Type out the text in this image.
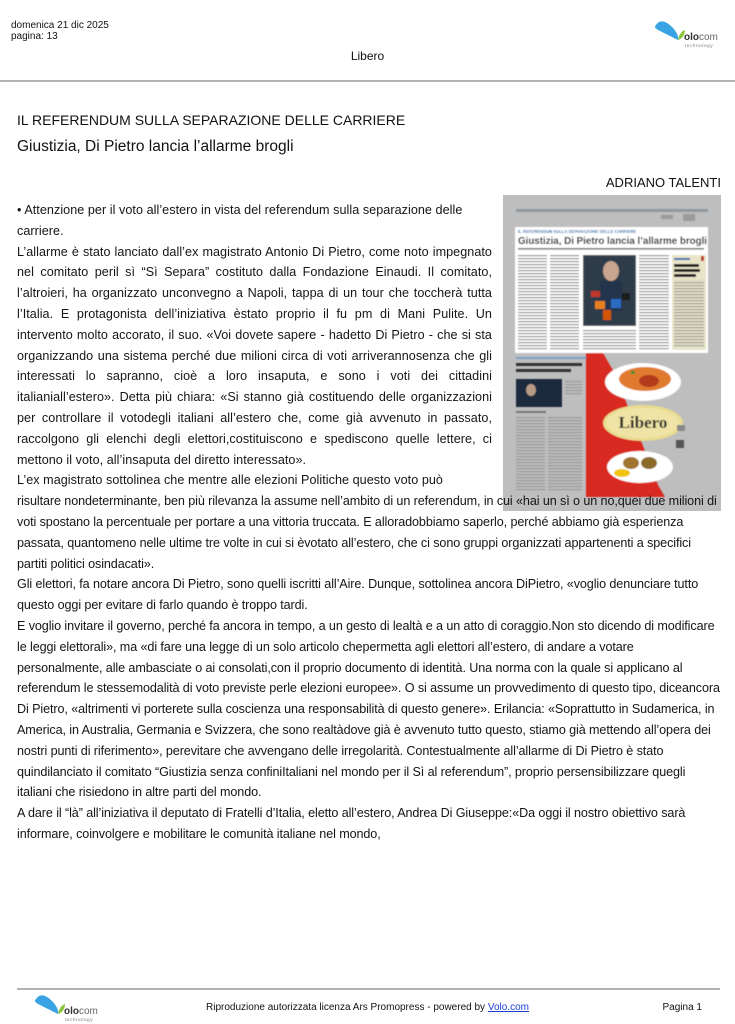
domenica 21 dic 2025
pagina: 13	olocom
technology
Libero
IL REFERENDUM SULLA SEPARAZIONE DELLE CARRIERE
Giustizia, Di Pietro lancia l’allarme brogli
ADRIANO TALENTI
IL REFERENDUM SULLA SEPARAZIONE DELLE CARRIERE
Giustizia, Di Pietro lancia l’allarme brogli
Libero

• Attenzione per il voto all’estero in vista del referendum sulla separazione delle carriere.

L’allarme è stato lanciato dall’ex magistrato Antonio Di Pietro, come noto impegnato nel comitato peril sì “Sì Separa” costituto dalla Fondazione Einaudi. Il comitato, l’altroieri, ha organizzato unconvegno a Napoli, tappa di un tour che toccherà tutta l’Italia. E protagonista dell’iniziativa èstato proprio il fu pm di Mani Pulite. Un intervento molto accorato, il suo. «Voi dovete sapere - hadetto Di Pietro - che si sta organizzando una sistema perché due milioni circa di voti arriverannosenza che gli interessati lo sapranno, cioè a loro insaputa, e sono i voti dei cittadini italianiall’estero». Detta più chiara: «Si stanno già costituendo delle organizzazioni per controllare il votodegli italiani all’estero che, come già avvenuto in passato, raccolgono gli elenchi degli elettori,costituiscono e spediscono quelle lettere, ci mettono il voto, all’insaputa del diretto interessato».

L’ex magistrato sottolinea che mentre alle elezioni Politiche questo voto può

risultare nondeterminante, ben più rilevanza la assume nell’ambito di un referendum, in cui «hai un sì o un no,quei due milioni di voti spostano la percentuale per portare a una vittoria truccata. E alloradobbiamo saperlo, perché abbiamo già esperienza passata, quantomeno nelle ultime tre volte in cui si èvotato all’estero, che ci sono gruppi organizzati appartenenti a specifici partiti politici osindacati».

Gli elettori, fa notare ancora Di Pietro, sono quelli iscritti all’Aire. Dunque, sottolinea ancora DiPietro, «voglio denunciare tutto questo oggi per evitare di farlo quando è troppo tardi.

E voglio invitare il governo, perché fa ancora in tempo, a un gesto di lealtà e a un atto di coraggio.Non sto dicendo di modificare le leggi elettorali», ma «di fare una legge di un solo articolo chepermetta agli elettori all’estero, di andare a votare personalmente, alle ambasciate o ai consolati,con il proprio documento di identità. Una norma con la quale si applicano al referendum le stessemodalità di voto previste perle elezioni europee». O si assume un provvedimento di questo tipo, diceancora Di Pietro, «altrimenti vi porterete sulla coscienza una responsabilità di questo genere». Erilancia: «Soprattutto in Sudamerica, in America, in Australia, Germania e Svizzera, che sono realtàdove già è avvenuto tutto questo, stiamo già mettendo all’opera dei nostri punti di riferimento», perevitare che avvengano delle irregolarità. Contestualmente all’allarme di Di Pietro è stato quindilanciato il comitato “Giustizia senza confiniItaliani nel mondo per il Sì al referendum”, proprio persensibilizzare quegli italiani che risiedono in altre parti del mondo.

A dare il “là” all’iniziativa il deputato di Fratelli d’Italia, eletto all’estero, Andrea Di Giuseppe:«Da oggi il nostro obiettivo sarà informare, coinvolgere e mobilitare le comunità italiane nel mondo,

olocom
technology
Riproduzione autorizzata licenza Ars Promopress - powered by Volo.com	Pagina 1
